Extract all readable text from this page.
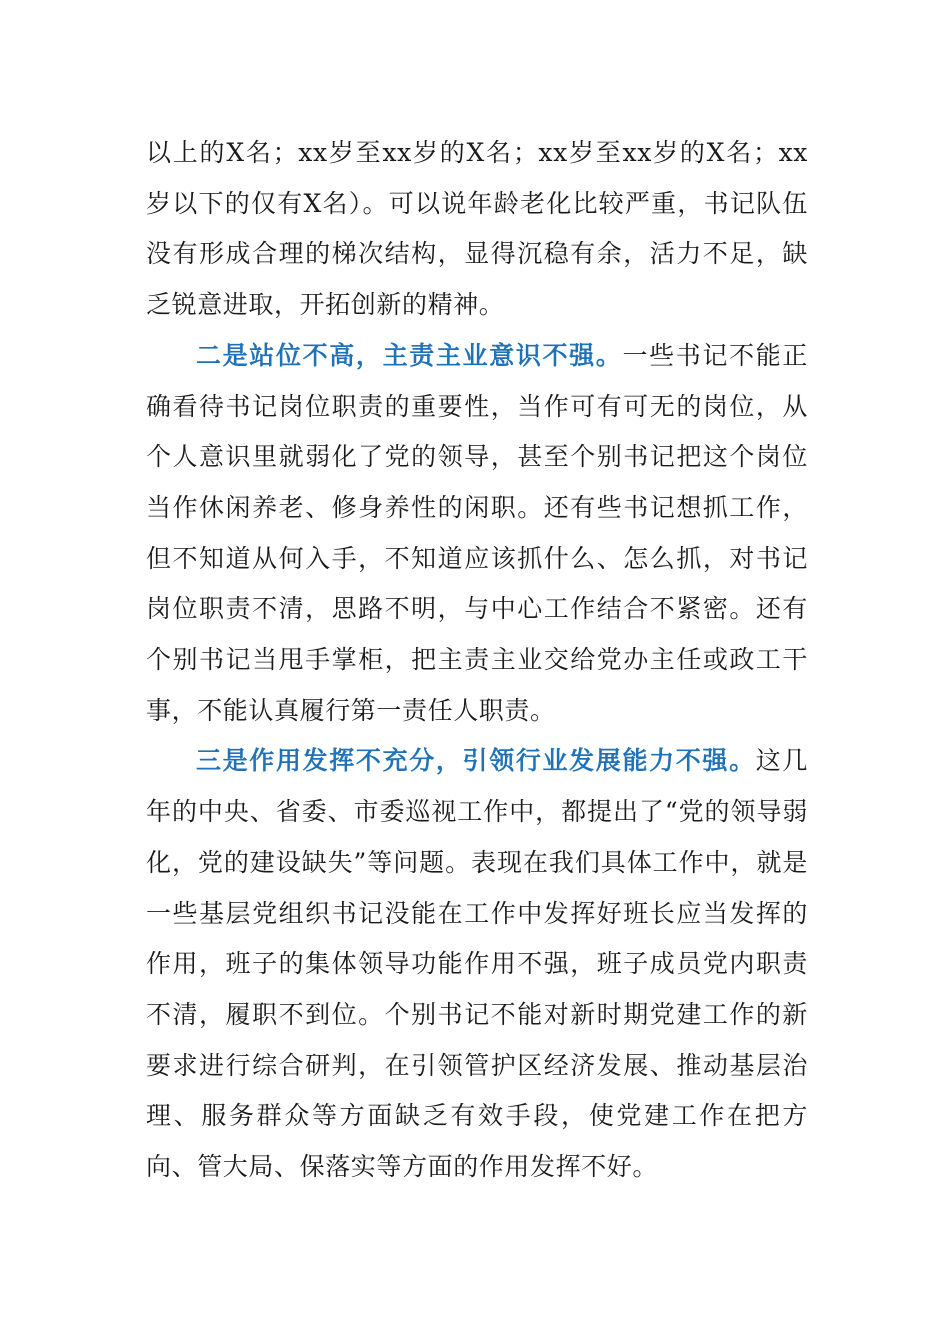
以上的X名；xx岁至xx岁的X名；xx岁至xx岁的X名；xx岁以下的仅有X名）。可以说年龄老化比较严重，书记队伍没有形成合理的梯次结构，显得沉稳有余，活力不足，缺乏锐意进取，开拓创新的精神。

二是站位不高，主责主业意识不强。一些书记不能正确看待书记岗位职责的重要性，当作可有可无的岗位，从个人意识里就弱化了党的领导，甚至个别书记把这个岗位当作休闲养老、修身养性的闲职。还有些书记想抓工作，但不知道从何入手，不知道应该抓什么、怎么抓，对书记岗位职责不清，思路不明，与中心工作结合不紧密。还有个别书记当甩手掌柜，把主责主业交给党办主任或政工干事，不能认真履行第一责任人职责。

三是作用发挥不充分，引领行业发展能力不强。这几年的中央、省委、市委巡视工作中，都提出了“党的领导弱化，党的建设缺失”等问题。表现在我们具体工作中，就是一些基层党组织书记没能在工作中发挥好班长应当发挥的作用，班子的集体领导功能作用不强，班子成员党内职责不清，履职不到位。个别书记不能对新时期党建工作的新要求进行综合研判，在引领管护区经济发展、推动基层治理、服务群众等方面缺乏有效手段，使党建工作在把方向、管大局、保落实等方面的作用发挥不好。
